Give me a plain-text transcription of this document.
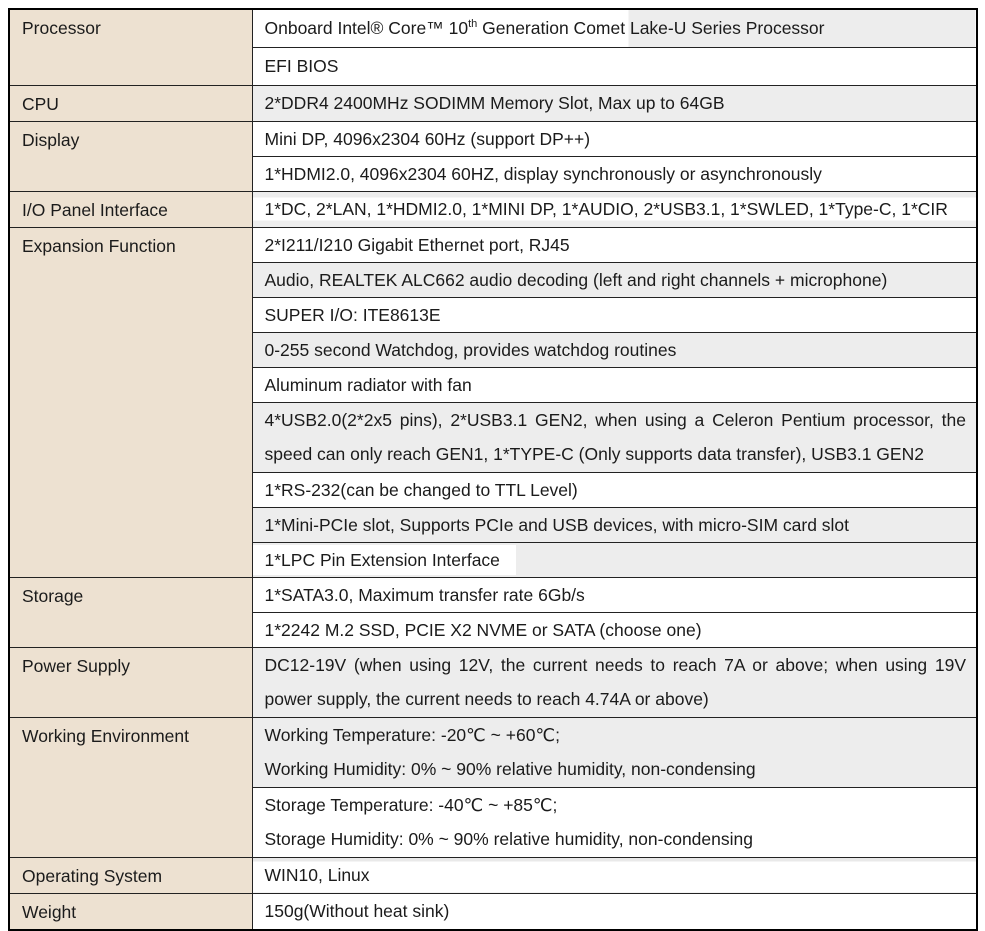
Processor	Onboard Intel® Core™ 10th Generation Comet Lake-U Series Processor

	EFI BIOS

CPU	2*DDR4 2400MHz SODIMM Memory Slot, Max up to 64GB

Display	Mini DP, 4096x2304 60Hz (support DP++)

	1*HDMI2.0, 4096x2304 60HZ, display synchronously or asynchronously

I/O Panel Interface	1*DC, 2*LAN, 1*HDMI2.0, 1*MINI DP, 1*AUDIO, 2*USB3.1, 1*SWLED, 1*Type-C, 1*CIR

Expansion Function	2*I211/I210 Gigabit Ethernet port, RJ45

	Audio, REALTEK ALC662 audio decoding (left and right channels + microphone)

	SUPER I/O: ITE8613E

	0-255 second Watchdog, provides watchdog routines

	Aluminum radiator with fan

	4*USB2.0(2*2x5 pins), 2*USB3.1 GEN2, when using a Celeron Pentium processor, the
speed can only reach GEN1, 1*TYPE-C (Only supports data transfer), USB3.1 GEN2

	1*RS-232(can be changed to TTL Level)

	1*Mini-PCIe slot, Supports PCIe and USB devices, with micro-SIM card slot

	1*LPC Pin Extension Interface

Storage	1*SATA3.0, Maximum transfer rate 6Gb/s

	1*2242 M.2 SSD, PCIE X2 NVME or SATA (choose one)

Power Supply	DC12-19V (when using 12V, the current needs to reach 7A or above; when using 19V
power supply, the current needs to reach 4.74A or above)

Working Environment	Working Temperature: -20℃ ~ +60℃;
Working Humidity: 0% ~ 90% relative humidity, non-condensing

	Storage Temperature: -40℃ ~ +85℃;
Storage Humidity: 0% ~ 90% relative humidity, non-condensing

Operating System	WIN10, Linux

Weight	150g(Without heat sink)
